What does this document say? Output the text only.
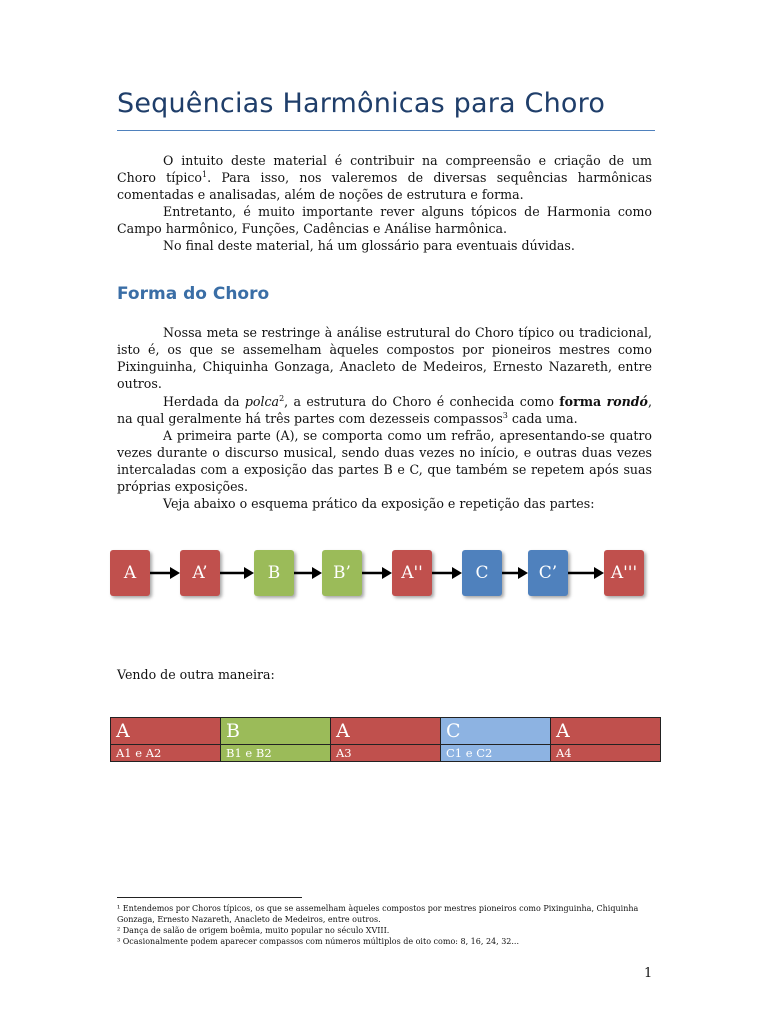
Sequências Harmônicas para Choro

O intuito deste material é contribuir na compreensão e criação de um Choro típico$^1$. Para isso, nos valeremos de diversas sequências harmônicas comentadas e analisadas, além de noções de estrutura e forma.

Entretanto, é muito importante rever alguns tópicos de Harmonia como Campo harmônico, Funções, Cadências e Análise harmônica.

No final deste material, há um glossário para eventuais dúvidas.

Forma do Choro

Nossa meta se restringe à análise estrutural do Choro típico ou tradicional, isto é, os que se assemelham àqueles compostos por pioneiros mestres como Pixinguinha, Chiquinha Gonzaga, Anacleto de Medeiros, Ernesto Nazareth, entre outros.

Herdada da polca$^2$, a estrutura do Choro é conhecida como forma rondó, na qual geralmente há três partes com dezesseis compassos$^3$ cada uma.

A primeira parte (A), se comporta como um refrão, apresentando-se quatro vezes durante o discurso musical, sendo duas vezes no início, e outras duas vezes intercaladas com a exposição das partes B e C, que também se repetem após suas próprias exposições.

Veja abaixo o esquema prático da exposição e repetição das partes:

A	A’	B	B’	A''	C	C’	A'''
Vendo de outra maneira:
A	B	A	C	A
A1 e A2	B1 e B2	A3	C1 e C2	A4
¹ Entendemos por Choros típicos, os que se assemelham àqueles compostos por mestres pioneiros como Pixinguinha, Chiquinha Gonzaga, Ernesto Nazareth, Anacleto de Medeiros, entre outros.
² Dança de salão de origem boêmia, muito popular no século XVIII.
³ Ocasionalmente podem aparecer compassos com números múltiplos de oito como: 8, 16, 24, 32...
1
